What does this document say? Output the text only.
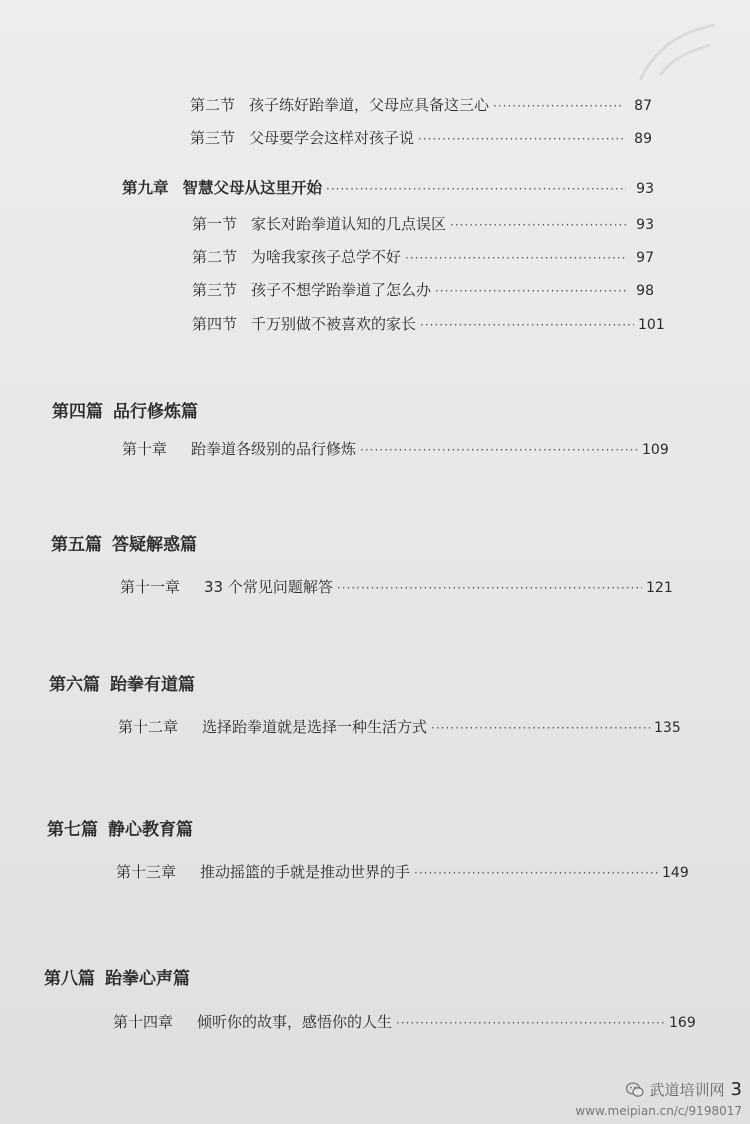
第二节 孩子练好跆拳道，父母应具备这三心 ·····	87
第三节 父母要学会这样对孩子说 ·····	89
第九章 智慧父母从这里开始 ·····	93
第一节 家长对跆拳道认知的几点误区 ·····	93
第二节 为啥我家孩子总学不好 ·····	97
第三节 孩子不想学跆拳道了怎么办 ·····	98
第四节 千万别做不被喜欢的家长 ·····	101
第四篇 品行修炼篇
第十章 跆拳道各级别的品行修炼 ·····	109
第五篇 答疑解惑篇
第十一章 33 个常见问题解答 ·····	121
第六篇 跆拳有道篇
第十二章 选择跆拳道就是选择一种生活方式 ·····	135
第七篇 静心教育篇
第十三章 推动摇篮的手就是推动世界的手 ·····	149
第八篇 跆拳心声篇
第十四章 倾听你的故事，感悟你的人生 ·····	169
武道培训网 3
www.meipian.cn/c/9198017
